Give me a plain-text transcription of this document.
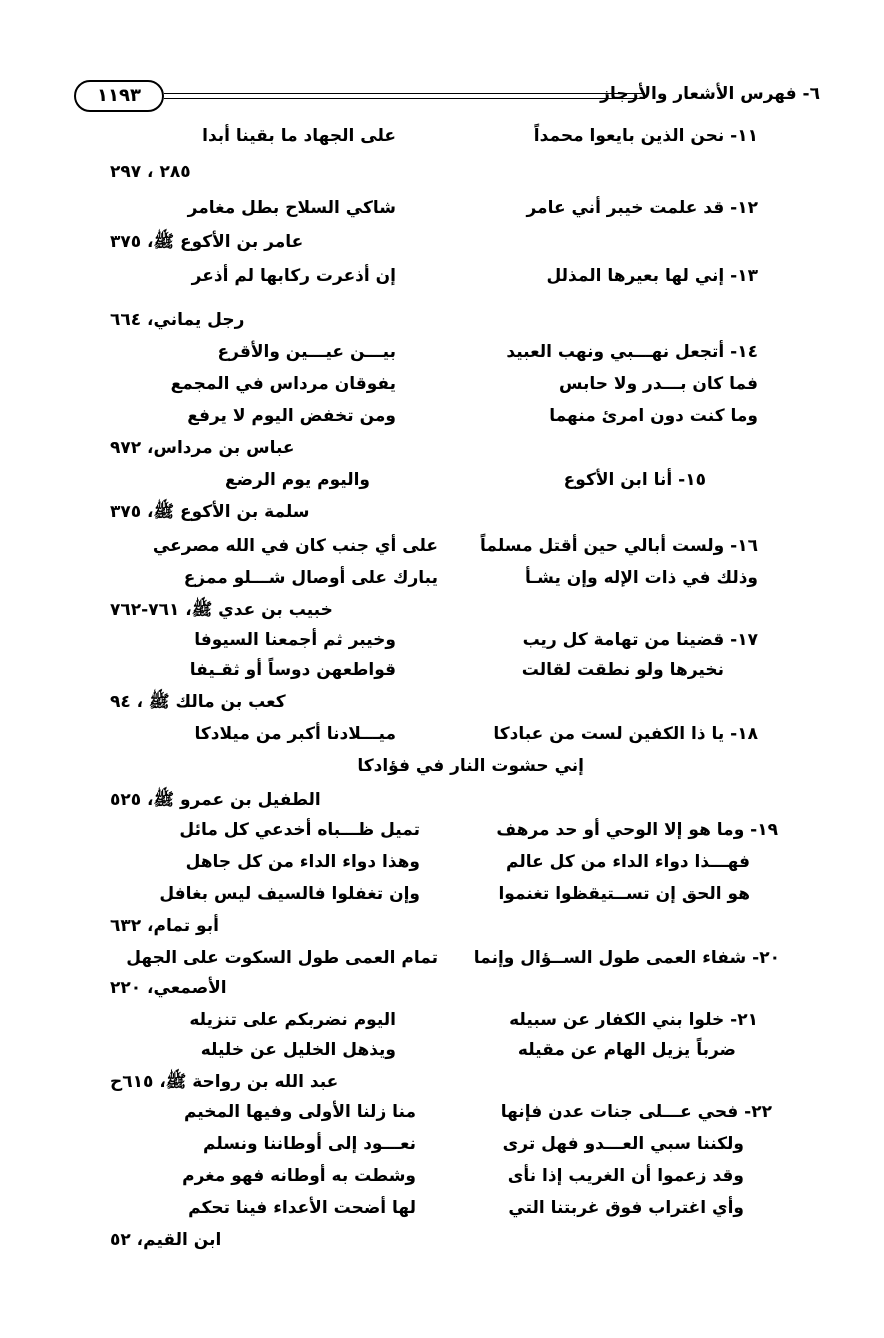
٦- فهرس الأشعار والأرجاز
١١٩٣
١١- نحن الذين بايعوا محمداً
على الجهاد ما بقينا أبدا
٢٨٥ ، ٢٩٧
١٢- قد علمت خيبر أني عامر
شاكي السلاح بطل مغامر
عامر بن الأكوع ﷺ، ٣٧٥
١٣- إني لها بعيرها المذلل
إن أذعرت ركابها لم أذعر
رجل يماني، ٦٦٤
١٤- أتجعل نهـــبي ونهب العبيد
بيـــن عيـــين والأقرع
فما كان بـــدر ولا حابس
يفوقان مرداس في المجمع
وما كنت دون امرئ منهما
ومن تخفض اليوم لا يرفع
عباس بن مرداس، ٩٧٢
١٥- أنا ابن الأكوع
واليوم يوم الرضع
سلمة بن الأكوع ﷺ، ٣٧٥
١٦- ولست أبالي حين أقتل مسلماً
على أي جنب كان في الله مصرعي
وذلك في ذات الإله وإن يشـأ
يبارك على أوصال شـــلو ممزع
خبيب بن عدي ﷺ، ٧٦١-٧٦٢
١٧- قضينا من تهامة كل ريب
وخيبر ثم أجمعنا السيوفا
نخيرها ولو نطقت لقالت
قواطعهن دوساً أو ثقـيفا
كعب بن مالك ﷺ ، ٩٤
١٨- يا ذا الكفين لست من عبادكا
ميـــلادنا أكبر من ميلادكا
إني حشوت النار في فؤادكا
الطفيل بن عمرو ﷺ، ٥٢٥
١٩- وما هو إلا الوحي أو حد مرهف
تميل ظـــباه أخدعي كل مائل
فهـــذا دواء الداء من كل عالم
وهذا دواء الداء من كل جاهل
هو الحق إن تســتيقظوا تغنموا
وإن تغفلوا فالسيف ليس بغافل
أبو تمام، ٦٣٢
٢٠- شفاء العمى طول الســؤال وإنما
تمام العمى طول السكوت على الجهل
الأصمعي، ٢٢٠
٢١- خلوا بني الكفار عن سبيله
اليوم نضربكم على تنزيله
ضرباً يزيل الهام عن مقيله
ويذهل الخليل عن خليله
عبد الله بن رواحة ﷺ، ٦١٥ح
٢٢- فحي عـــلى جنات عدن فإنها
منا زلنا الأولى وفيها المخيم
ولكننا سبي العـــدو فهل ترى
نعـــود إلى أوطاننا ونسلم
وقد زعموا أن الغريب إذا نأى
وشطت به أوطانه فهو مغرم
وأي اغتراب فوق غربتنا التي
لها أضحت الأعداء فينا تحكم
ابن القيم، ٥٢
